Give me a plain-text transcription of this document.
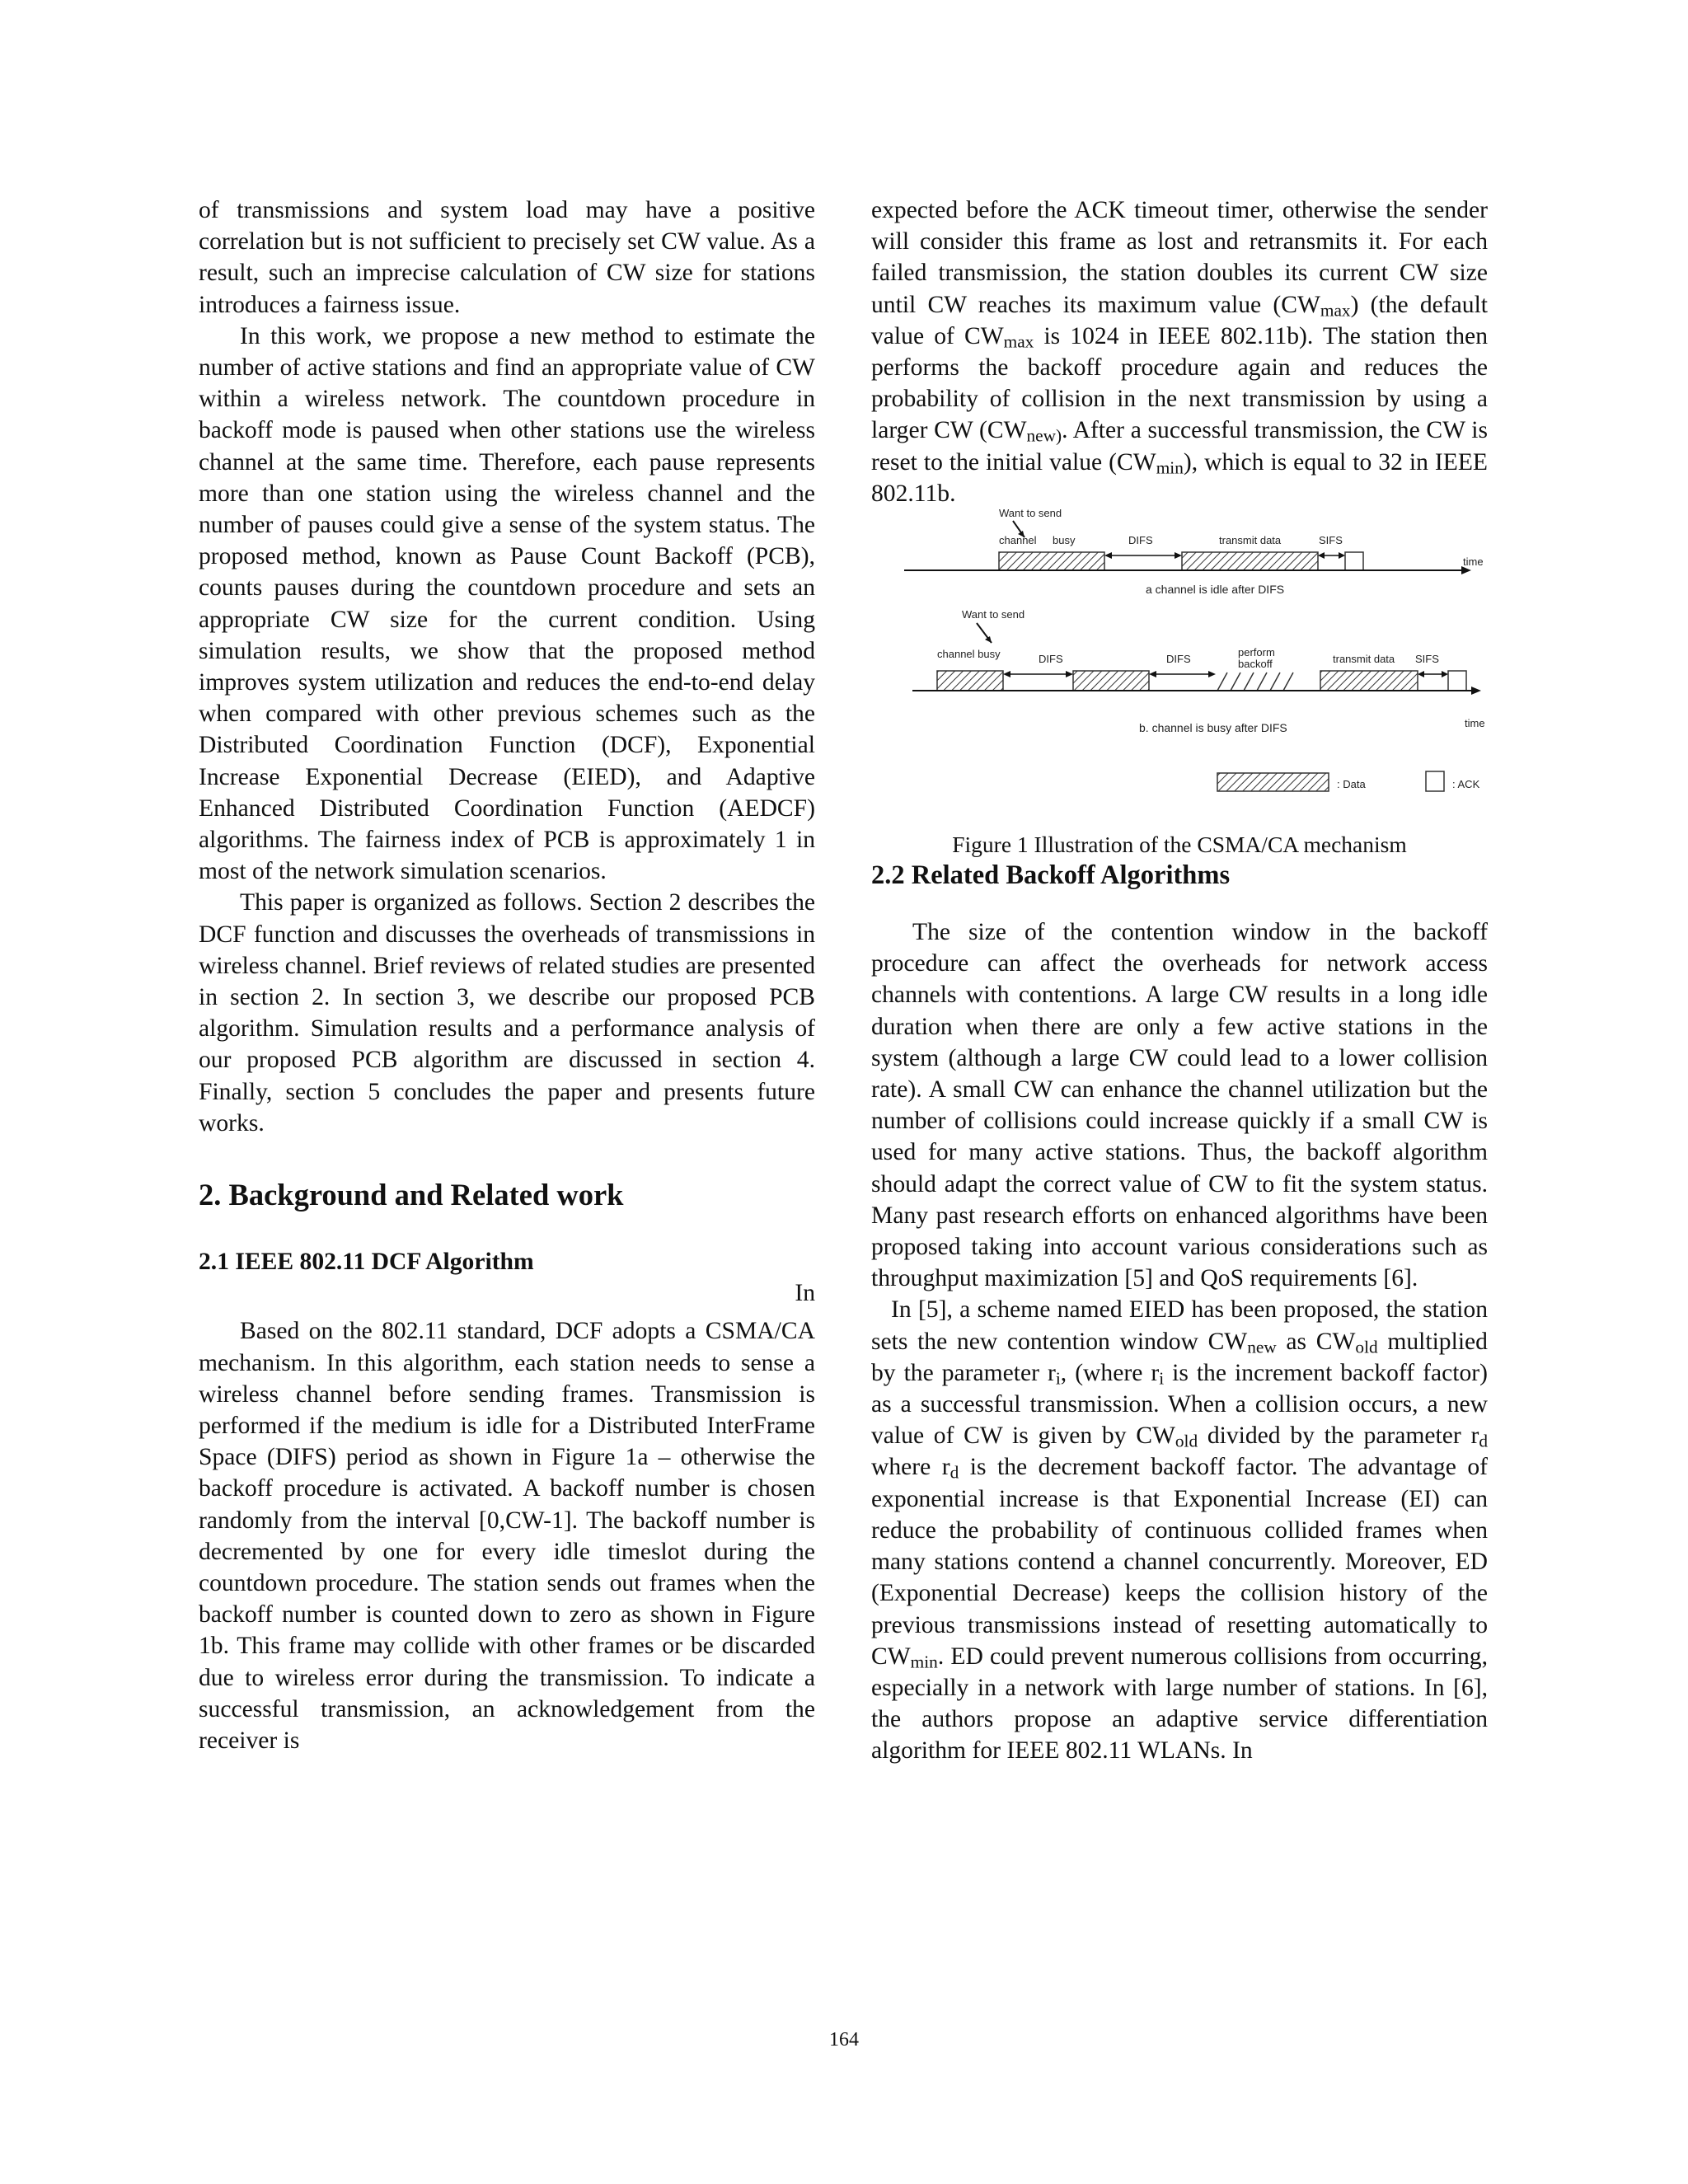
of transmissions and system load may have a positive correlation but is not sufficient to precisely set CW value. As a result, such an imprecise calculation of CW size for stations introduces a fairness issue.

In this work, we propose a new method to estimate the number of active stations and find an appropriate value of CW within a wireless network. The countdown procedure in backoff mode is paused when other stations use the wireless channel at the same time. Therefore, each pause represents more than one station using the wireless channel and the number of pauses could give a sense of the system status. The proposed method, known as Pause Count Backoff (PCB), counts pauses during the countdown procedure and sets an appropriate CW size for the current condition. Using simulation results, we show that the proposed method improves system utilization and reduces the end-to-end delay when compared with other previous schemes such as the Distributed Coordination Function (DCF), Exponential Increase Exponential Decrease (EIED), and Adaptive Enhanced Distributed Coordination Function (AEDCF) algorithms. The fairness index of PCB is approximately 1 in most of the network simulation scenarios.

This paper is organized as follows. Section 2 describes the DCF function and discusses the overheads of transmissions in wireless channel. Brief reviews of related studies are presented in section 2. In section 3, we describe our proposed PCB algorithm. Simulation results and a performance analysis of our proposed PCB algorithm are discussed in section 4. Finally, section 5 concludes the paper and presents future works.

2. Background and Related work
2.1 IEEE 802.11 DCF Algorithm

In

Based on the 802.11 standard, DCF adopts a CSMA/CA mechanism. In this algorithm, each station needs to sense a wireless channel before sending frames. Transmission is performed if the medium is idle for a Distributed InterFrame Space (DIFS) period as shown in Figure 1a – otherwise the backoff procedure is activated. A backoff number is chosen randomly from the interval [0,CW-1]. The backoff number is decremented by one for every idle timeslot during the countdown procedure. The station sends out frames when the backoff number is counted down to zero as shown in Figure 1b. This frame may collide with other frames or be discarded due to wireless error during the transmission. To indicate a successful transmission, an acknowledgement from the receiver is

expected before the ACK timeout timer, otherwise the sender will consider this frame as lost and retransmits it. For each failed transmission, the station doubles its current CW size until CW reaches its maximum value $(CW_{max})$ (the default value of $CW_{max}$ is 1024 in IEEE 802.11b). The station then performs the backoff procedure again and reduces the probability of collision in the next transmission by using a larger CW ($CW_{new)}$. After a successful transmission, the CW is reset to the initial value $(CW_{min})$, which is equal to 32 in IEEE 802.11b.

Want to send
channel busy	DIFS	transmit data	SIFS
time
a channel is idle after DIFS
Want to send
channel busy	DIFS	DIFS
perform
backoff	transmit data SIFS
time
b. channel is busy after DIFS
: Data	: ACK

Figure 1 Illustration of the CSMA/CA mechanism

2.2 Related Backoff Algorithms

The size of the contention window in the backoff procedure can affect the overheads for network access channels with contentions. A large CW results in a long idle duration when there are only a few active stations in the system (although a large CW could lead to a lower collision rate). A small CW can enhance the channel utilization but the number of collisions could increase quickly if a small CW is used for many active stations. Thus, the backoff algorithm should adapt the correct value of CW to fit the system status. Many past research efforts on enhanced algorithms have been proposed taking into account various considerations such as throughput maximization [5] and QoS requirements [6].

In [5], a scheme named EIED has been proposed, the station sets the new contention window $CW_{new}$ as $CW_{old}$ multiplied by the parameter $r_i$, (where $r_i$ is the increment backoff factor) as a successful transmission. When a collision occurs, a new value of CW is given by $CW_{old}$ divided by the parameter $r_d$ where $r_d$ is the decrement backoff factor. The advantage of exponential increase is that Exponential Increase (EI) can reduce the probability of continuous collided frames when many stations contend a channel concurrently. Moreover, ED (Exponential Decrease) keeps the collision history of the previous transmissions instead of resetting automatically to $CW_{min}$. ED could prevent numerous collisions from occurring, especially in a network with large number of stations. In [6], the authors propose an adaptive service differentiation algorithm for IEEE 802.11 WLANs. In

164
